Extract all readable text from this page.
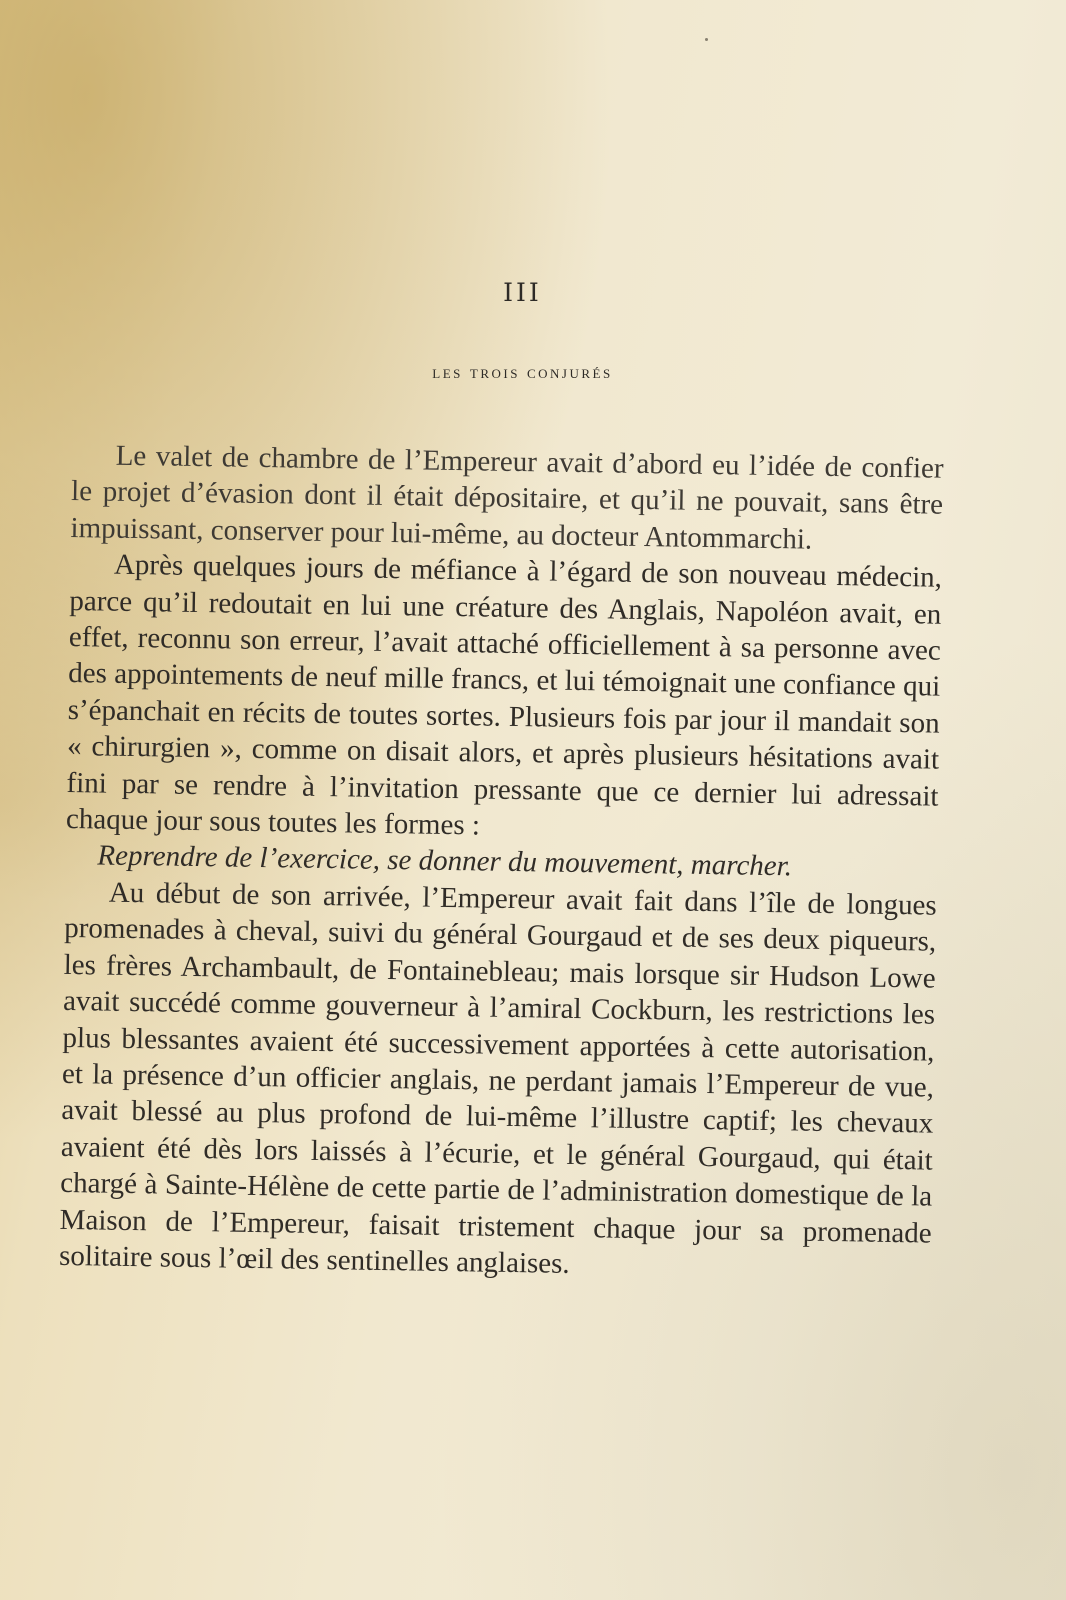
III
les trois conjurés

Le valet de chambre de l’Empereur avait d’abord eu l’idée de confier le projet d’évasion dont il était dépositaire, et qu’il ne pouvait, sans être impuissant, conserver pour lui-même, au docteur Antommarchi.

Après quelques jours de méfiance à l’égard de son nouveau médecin, parce qu’il redoutait en lui une créature des Anglais, Napoléon avait, en effet, reconnu son erreur, l’avait attaché officiellement à sa personne avec des appointements de neuf mille francs, et lui témoignait une confiance qui s’épanchait en récits de toutes sortes. Plusieurs fois par jour il mandait son « chirurgien », comme on disait alors, et après plusieurs hésitations avait fini par se rendre à l’invitation pressante que ce dernier lui adressait chaque jour sous toutes les formes :

Reprendre de l’exercice, se donner du mouvement, marcher.

Au début de son arrivée, l’Empereur avait fait dans l’île de longues promenades à cheval, suivi du général Gourgaud et de ses deux piqueurs, les frères Archambault, de Fontainebleau; mais lorsque sir Hudson Lowe avait succédé comme gouverneur à l’amiral Cockburn, les restrictions les plus blessantes avaient été successivement apportées à cette autorisation, et la présence d’un officier anglais, ne perdant jamais l’Empereur de vue, avait blessé au plus profond de lui-même l’illustre captif; les chevaux avaient été dès lors laissés à l’écurie, et le général Gourgaud, qui était chargé à Sainte-Hélène de cette partie de l’administration domestique de la Maison de l’Empereur, faisait tristement chaque jour sa promenade solitaire sous l’œil des sentinelles anglaises.
